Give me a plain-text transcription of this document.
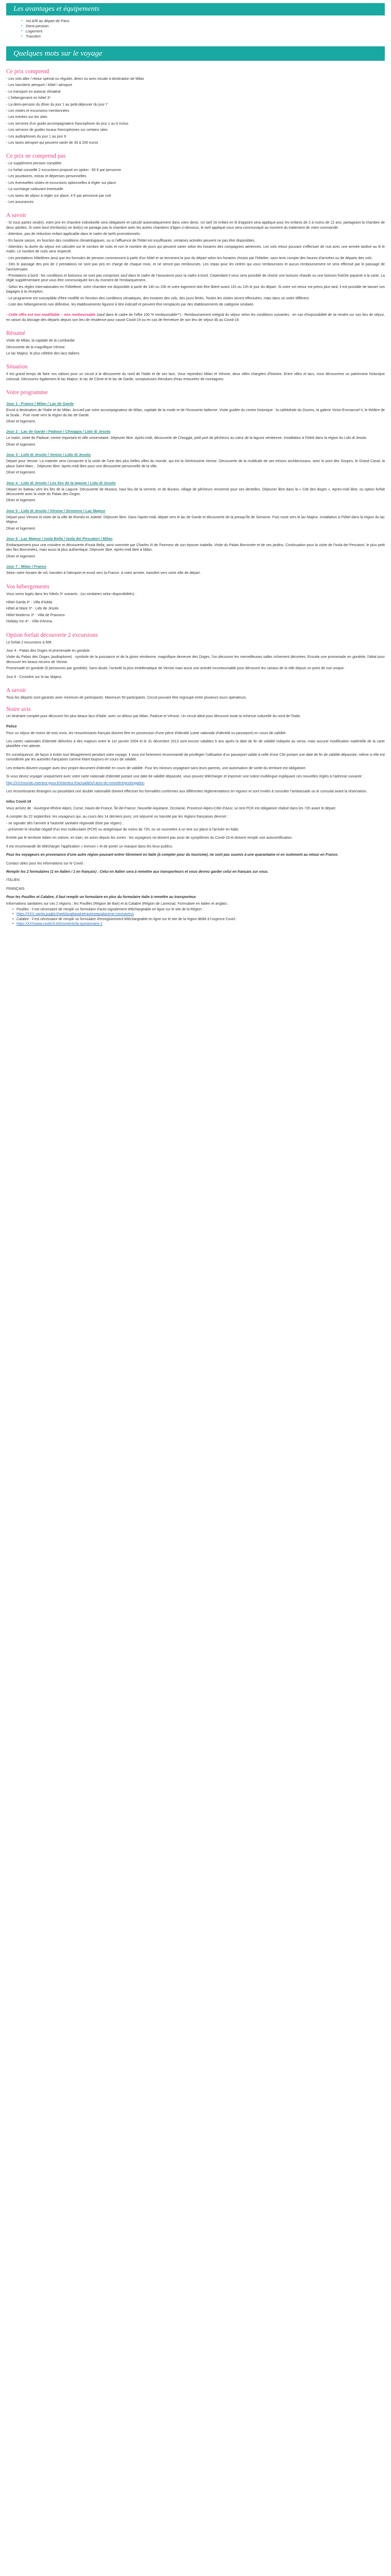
Les avantages et équipements
▪ Vol A/R au départ de Paris
▪ Demi-pension
▪ Logement
▪ Transfert
Quelques mots sur le voyage
Ce prix comprend

- Les vols aller / retour spécial ou régulier, direct ou avec escale à destination de Milan

- Les transferts aéroport / hôtel / aéroport

- Le transport en autocar climatisé

- L'hébergement en hôtel 3*

- La demi-pension du dîner du jour 1 au petit-déjeuner du jour 7

- Les visites et excursions mentionnées

- Les entrées sur les sites

- Les services d'un guide accompagnateur francophone du jour 1 au 6 inclus

- Les services de guides locaux francophones sur certains sites

- Les audiophones du jour 1 au jour 6

- Les taxes aéroport qui peuvent varier de 30 à 200 euros

Ce prix ne comprend pas

- Le supplément pension complète

- Le forfait conseillé 2 excursions proposé en option : 65 € par personne

- Les pourboires, extras et dépenses personnelles

- Les éventuelles visites et excursions optionnelles à régler sur place

- La surcharge carburant éventuelle

- Les taxes de séjour à régler sur place, 4 € par personne par nuit

- Les assurances

A savoir

- Si vous partez seul(e), votre prix en chambre individuelle sera obligatoire et calculé automatiquement dans votre devis. Un tarif 2e enfant en lit d'appoint sera appliqué pour les enfants de 2 à moins de 12 ans, partageant la chambre de deux adultes. Si votre bout d'enfant(s) ne doit(s) ne partage pas la chambre avec les autres chambres d'âges ci-dessous, le tarif appliqué vous sera communiqué au moment du traitement de votre commande.

- Attention, pas de réduction enfant applicable dans le cadre de tarifs promotionnels.

- En basse saison, en fonction des conditions climatologiques, ou si l'affluence de l'hôtel est insuffisante, certaines activités peuvent ne pas être disponibles.

- Attention, la durée du séjour est calculée sur le nombre de nuits et non le nombre de jours qui peuvent varier selon les horaires des compagnies aériennes. Les vols retour pouvant s'effectuer de nuit avec une arrivée tardive au lit le matin. Le nombre de nuits sera respecté.

- Les prestations hôtelières ainsi que les formules de pension commencent à partir d'un hôtel et se terminent le jour du départ selon les horaires choisis par l'hôtelier, sans tenir compte des heures d'arrivées ou de départs des vols.

- Dès le passage des prix de 2 prestations ne sont pas pris en charge de chaque mois, et ne seront pas remboursés. Les repas pour les ordres qui vous remboursons et aucun remboursement ne sera effectué par le passage de l'anniversaire.

- Prestations à bord : les conditions et boissons ne sont pas comprises sauf dans le cadre de l'assurance pour la cadre à bord. Cependant il vous sera possible de choisir une boisson chaude ou une boisson fraîche payante à la carte. La règle supplémentaire peut vous être communiquée lors du moment de l'embarquement.

- Selon les règles internationales en l'hôtellerie, votre chambre est disponible à partir de 14h ou 15h et votre logement doit être libéré avant 11h ou 12h le jour du départ. Si votre vol retour est prévu plus tard, il est possible de laisser vos bagages à la réception.

- Le programme est susceptible d'être modifié en fonction des conditions climatiques, des horaires des vols, des jours fériés. Toutes les visites seront effectuées, mais dans un ordre différent.

- Liste des hébergements non définitive, les établissements figurent à titre indicatif et peuvent être remplacés par des établissements de catégorie similaire.

- Cette offre est non modifiable – non remboursable (sauf dans le cadre de l'offre 100 % remboursable**) : Remboursement intégral du séjour selon les conditions suivantes : en cas d'impossibilité de se rendre sur son lieu de séjour, en raison du blocage des départs depuis son lieu de résidence pour cause Covid-19 ou en cas de fermeture de son lieu de séjour dû au Covid-19.

Résumé

Visite de Milan, la capitale de la Lombardie

Découverte de la magnifique Vérone

Le lac Majeur, le plus célèbre des lacs italiens

Situation

Il est grand temps de faire vos valises pour un circuit à la découverte du nord de l'Italie et de ses lacs. Vous rejoindrez Milan et Vérone, deux villes chargées d'histoire. Entre villes et lacs, vous découvrirez un patrimoine historique colossal. Découvrez également le lac Majeur, le lac de Côme et le lac de Garde, somptueuses étendues d'eau entourées de montagnes.

Votre programme
Jour 1 : France / Milan / Lac de Garde

Envol à destination de l'Italie et de Milan. Accueil par votre accompagnateur de Milan, capitale de la mode et de l'économie italienne. Visite guidée du centre historique : la cathédrale du Duomo, la galerie Victor-Emmanuel II, le théâtre de la Scala... Puis route vers la région du lac de Garde.

Dîner et logement.

Jour 2 : Lac de Garde / Padoue / Chioggia / Lido di Jesolo

Le matin, visite de Padoue, centre important et ville universitaire. Déjeuner libre. Après-midi, découverte de Chioggia, petit port de pêcheurs au cœur de la lagune vénitienne. Installation à l'hôtel dans la région du Lido di Jesolo.

Dîner et logement.

Jour 3 : Lido di Jesolo / Venise / Lido di Jesolo

Départ pour Venise. La matinée sera consacrée à la visite de l'une des plus belles villes du monde, qui est la Sérénissime Venise. Découverte de la multitude de ses trésors architecturaux, avec le pont des Soupirs, le Grand Canal, la place Saint-Marc... Déjeuner libre. Après-midi libre pour une découverte personnelle de la ville.

Dîner et logement.

Jour 4 : Lido di Jesolo / Les îles de la lagune / Lido di Jesolo

Départ en bateau vers les îles de la Lagune. Découverte de Murano, haut lieu de la verrerie, et de Burano, village de pêcheurs renommé pour ses dentelles. Déjeuner libre dans la « Cité des doges ». Après-midi libre, ou option forfait découverte avec la visite du Palais des Doges.

Dîner et logement.

Jour 5 : Lido di Jesolo / Vérone / Sirmione / Lac Majeur

Départ pour Vérone et visite de la ville de Roméo et Juliette. Déjeuner libre. Dans l'après-midi, départ vers le lac de Garde et découverte de la presqu'île de Sirmione. Puis route vers le lac Majeur. Installation à l'hôtel dans la région du lac Majeur.

Dîner et logement.

Jour 6 : Lac Majeur / Isola Bella / Isola dei Pescatori / Milan

Embarquement pour une croisière et découverte d'Isola Bella, ainsi nommée par Charles III de l'honneur de son épouse Isabella. Visite du Palais Borromée et de ses jardins. Continuation pour la visite de l'Isola dei Pescatori, le plus petit des îles Borromées, mais aussi la plus authentique. Déjeuner libre. Après-midi libre à Milan.

Dîner et logement.

Jour 7 : Milan / France

Selon votre horaire de vol, transfert à l'aéroport et envol vers la France. A votre arrivée, transfert vers votre ville de départ.

Vos hébergements

Vous serez logés dans les hôtels 3* suivants : (ou similaires selon disponibilités) :

Hôtel Garda 3* - Villa d'Adda

Hôtel al Mare 3* - Lido de Jesolo

Hôtel Moderno 3* - Villa de Pravomo

Holiday Inn 4* - Villa d'Arona

Option forfait découverte 2 excursions

Le forfait 2 excursions à 65€

Jour 4 - Palais des Doges et promenade en gondole.

Visite du Palais des Doges (audiophone) : symbole de la puissance et de la gloire vénitienne, magnifique demeure des Doges, l'on découvre les merveilleuses salles richement décorées. Ensuite une promenade en gondole, l'idéal pour découvrir les beaux recoins de Venise.

Promenade en gondole (6 personnes par gondole). Sans doute, l'activité la plus emblématique de Venise mais aussi une activité incontournable pour découvrir les canaux de la ville depuis un point de vue unique.

Jour 6 - Croisière sur le lac Majeur.

A savoir

Tous les départs sont garantis avec minimum de participants. Maximum 50 participants. Circuit pouvant être regroupé entre plusieurs tours opérateurs.

Notre avis

Un itinéraire complet pour découvrir les plus beaux lacs d'Italie, avec un détour par Milan, Padoue et Vérone. Un circuit idéal pour découvrir toute la richesse culturelle du nord de l'Italie.

Police

Pour un séjour de moins de trois mois, les ressortissants français doivent être en possession d'une pièce d'identité (carte nationale d'identité ou passeport) en cours de validité.

Les cartes nationales d'identité délivrées à des majeurs entre le 1er janvier 2004 et le 31 décembre 2013 sont encore valables 5 ans après la date de fin de validité indiquée au verso, mais aucune modification matérielle de la carte plastifiée n'en atteste.

En conséquence, de façon à éviter tout désagrément pendant votre voyage, il vous est fortement recommandé de privilégier l'utilisation d'un passeport valide à celle d'une CNI portant une date de fin de validité dépassée, même si elle est considérée par les autorités françaises comme étant toujours en cours de validité.

Les enfants doivent voyager avec leur propre document d'identité en cours de validité. Pour les mineurs voyageant sans leurs parents, une autorisation de sortie du territoire est obligatoire.

Si vous devez voyager uniquement avec votre carte nationale d'identité portant une date de validité dépassée, vous pouvez télécharger et imprimer une notice multilingue expliquant ces nouvelles règles à l'adresse suivante :

http://XXXmondo.interieur.gouv.fr/Interieur.fr/actualités/l-actu-du-ministère/prolongation

Les ressortissants étrangers ou possédant une double nationalité doivent effectuer les formalités conformes aux différentes règlementations en vigueur et sont invités à consulter l'ambassade ou le consulat avant la réservation.

Infos Covid-19

Vous arrivez de : Auvergne-Rhône-Alpes, Corse, Hauts-de-France, Île-de-France, Nouvelle-Aquitaine, Occitanie, Provence-Alpes-Côte d'Azur, un test PCR est obligatoire réalisé dans les 72h avant le départ.

A compter du 22 septembre, les voyageurs qui, au cours des 14 derniers jours, ont séjourné ou transité par les régions françaises devront :

- se signaler dès l'arrivée à l'autorité sanitaire régionale (liste par région) ;

- présenter le résultat négatif d'un test moléculaire (PCR) ou antigénique de moins de 72h, ou se soumettre à un test sur place à l'arrivée en Italie.

Entrée par le territoire italien en voiture, en train, en avion depuis les zones : les voyageurs ne doivent pas avoir de symptômes du Covid-19 et doivent remplir une autocertification.

Il est recommandé de télécharger l'application « Immuni » et de porter un masque dans les lieux publics.

Pour les voyageurs en provenance d'une autre région pouvant entrer librement en Italie (à compter pour du tourisme), ne sont pas soumis à une quarantaine ni en isolement au retour en France.

Contact utiles pour les informations sur le Covid :

Remplir les 2 formulaires (1 en Italien / 1 en français) : Celui en Italien sera à remettre aux transporteurs et vous devrez garder celui en français sur vous.

ITALIEN

FRANÇAIS

Pour les Pouilles et Calabre, il faut remplir un formulaire en plus du formulaire italie à remettre au transporteur.

Informations sanitaires sur ces 2 régions : les Pouilles (Région de Bari) et la Calabre (Région de Lamezia). Formulaire en italien et anglais :

• Pouilles : il est nécessaire de remplir un formulaire d'auto-signalement téléchargeable en ligne sur le site de la Région :
• https://XXX.sanita.puglia.it/web/pugliasalute/autosegnalazione-coronavirus
• Calabre : il est nécessaire de remplir un formulaire d'enregistrement téléchargeable en ligne sur le site de la région dédié à l'urgence Covid :
• https://XXXwww.covid19.it/it/contents/la-questionario-1
